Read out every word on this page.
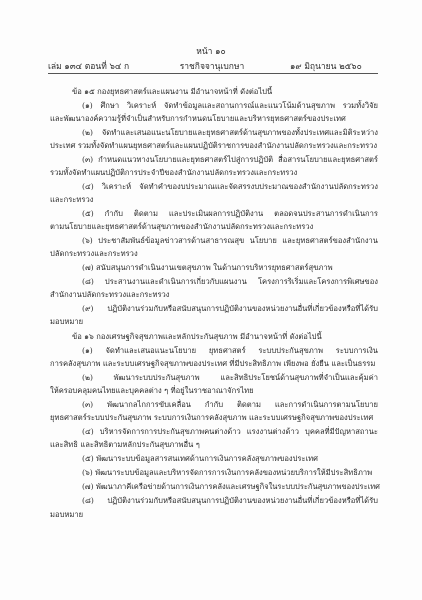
หน้า ๑๐
เล่ม ๑๓๔ ตอนที่ ๖๔ ก	ราชกิจจานุเบกษา	๑๙ มิถุนายน ๒๕๖๐
ข้อ ๑๕ กองยุทธศาสตร์และแผนงาน มีอำนาจหน้าที่ ดังต่อไปนี้
(๑) ศึกษา วิเคราะห์ จัดทำข้อมูลและสถานการณ์และแนวโน้มด้านสุขภาพ รวมทั้งวิจัย
และพัฒนาองค์ความรู้ที่จำเป็นสำหรับการกำหนดนโยบายและบริหารยุทธศาสตร์ของประเทศ
(๒) จัดทำและเสนอแนะนโยบายและยุทธศาสตร์ด้านสุขภาพของทั้งประเทศและมิติระหว่าง
ประเทศ รวมทั้งจัดทำแผนยุทธศาสตร์และแผนปฏิบัติราชการของสำนักงานปลัดกระทรวงและกระทรวง
(๓) กำหนดแนวทางนโยบายและยุทธศาสตร์ไปสู่การปฏิบัติ สื่อสารนโยบายและยุทธศาสตร์
รวมทั้งจัดทำแผนปฏิบัติการประจำปีของสำนักงานปลัดกระทรวงและกระทรวง
(๔) วิเคราะห์ จัดทำคำของบประมาณและจัดสรรงบประมาณของสำนักงานปลัดกระทรวง
และกระทรวง
(๕) กำกับ ติดตาม และประเมินผลการปฏิบัติงาน ตลอดจนประสานการดำเนินการ
ตามนโยบายและยุทธศาสตร์ด้านสุขภาพของสำนักงานปลัดกระทรวงและกระทรวง
(๖) ประชาสัมพันธ์ข้อมูลข่าวสารด้านสาธารณสุข นโยบาย และยุทธศาสตร์ของสำนักงาน
ปลัดกระทรวงและกระทรวง
(๗) สนับสนุนการดำเนินงานเขตสุขภาพ ในด้านการบริหารยุทธศาสตร์สุขภาพ
(๘) ประสานงานและดำเนินการเกี่ยวกับแผนงาน โครงการริเริ่มและโครงการพิเศษของ
สำนักงานปลัดกระทรวงและกระทรวง
(๙) ปฏิบัติงานร่วมกับหรือสนับสนุนการปฏิบัติงานของหน่วยงานอื่นที่เกี่ยวข้องหรือที่ได้รับ
มอบหมาย
ข้อ ๑๖ กองเศรษฐกิจสุขภาพและหลักประกันสุขภาพ มีอำนาจหน้าที่ ดังต่อไปนี้
(๑) จัดทำและเสนอแนะนโยบาย ยุทธศาสตร์ ระบบประกันสุขภาพ ระบบการเงิน
การคลังสุขภาพ และระบบเศรษฐกิจสุขภาพของประเทศ ที่มีประสิทธิภาพ เพียงพอ ยั่งยืน และเป็นธรรม
(๒) พัฒนาระบบประกันสุขภาพ และสิทธิประโยชน์ด้านสุขภาพที่จำเป็นและคุ้มค่า
ให้ครอบคลุมคนไทยและบุคคลต่าง ๆ ที่อยู่ในราชอาณาจักรไทย
(๓) พัฒนากลไกการขับเคลื่อน กำกับ ติดตาม และการดำเนินการตามนโยบาย
ยุทธศาสตร์ระบบประกันสุขภาพ ระบบการเงินการคลังสุขภาพ และระบบเศรษฐกิจสุขภาพของประเทศ
(๔) บริหารจัดการการประกันสุขภาพคนต่างด้าว แรงงานต่างด้าว บุคคลที่มีปัญหาสถานะ
และสิทธิ และสิทธิตามหลักประกันสุขภาพอื่น ๆ
(๕) พัฒนาระบบข้อมูลสารสนเทศด้านการเงินการคลังสุขภาพของประเทศ
(๖) พัฒนาระบบข้อมูลและบริหารจัดการการเงินการคลังของหน่วยบริการให้มีประสิทธิภาพ
(๗) พัฒนาภาคีเครือข่ายด้านการเงินการคลังและเศรษฐกิจในระบบประกันสุขภาพของประเทศ
(๘) ปฏิบัติงานร่วมกับหรือสนับสนุนการปฏิบัติงานของหน่วยงานอื่นที่เกี่ยวข้องหรือที่ได้รับ
มอบหมาย
